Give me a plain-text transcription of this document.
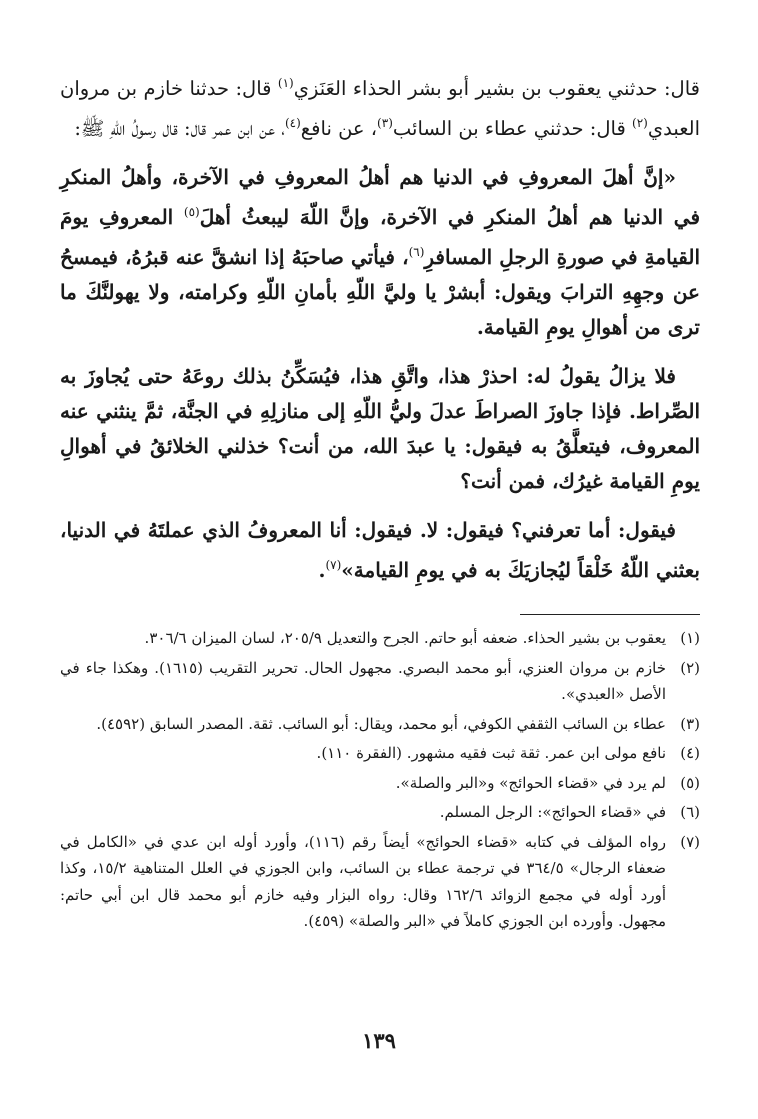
قال: حدثني يعقوب بن بشير أبو بشر الحذاء العَنَزي( $^١$ ) قال: حدثنا خازم بن مروان العبدي( $^٢$ ) قال: حدثني عطاء بن السائب( $^٣$ )، عن نافع( $^٤$ )، عن ابن عمر قال: قال رسولُ اللّهِ ﷺ:

«إنَّ أهلَ المعروفِ في الدنيا هم أهلُ المعروفِ في الآخرة، وأهلُ المنكرِ في الدنيا هم أهلُ المنكرِ في الآخرة، وإنَّ اللّهَ ليبعثُ أهلَ( $^٥$ ) المعروفِ يومَ القيامةِ في صورةِ الرجلِ المسافرِ( $^٦$ )، فيأتي صاحبَهُ إذا انشقَّ عنه قبرُهُ، فيمسحُ عن وجهِهِ الترابَ ويقول: أبشرْ يا وليَّ اللّهِ بأمانِ اللّهِ وكرامته، ولا يهولنَّكَ ما ترى من أهوالِ يومِ القيامة.

فلا يزالُ يقولُ له: احذرْ هذا، واتَّقِ هذا، فيُسَكِّنُ بذلك روعَهُ حتى يُجاوزَ به الصِّراط. فإذا جاوزَ الصراطَ عدلَ وليُّ اللّهِ إلى منازلِهِ في الجنَّة، ثمَّ ينثني عنه المعروف، فيتعلَّقُ به فيقول: يا عبدَ الله، من أنت؟ خذلني الخلائقُ في أهوالِ يومِ القيامة غيرُك، فمن أنت؟

فيقول: أما تعرفني؟ فيقول: لا. فيقول: أنا المعروفُ الذي عملتَهُ في الدنيا، بعثني اللّهُ خَلْقاً ليُجازيَكَ به في يومِ القيامة»( $^٧$ ).

( ١ )
يعقوب بن بشير الحذاء. ضعفه أبو حاتم. الجرح والتعديل ٢٠٥/٩، لسان الميزان ٣٠٦/٦.
( ٢ )
خازم بن مروان العنزي، أبو محمد البصري. مجهول الحال. تحرير التقريب (١٦١٥). وهكذا جاء في الأصل «العبدي».
( ٣ )
عطاء بن السائب الثقفي الكوفي، أبو محمد، ويقال: أبو السائب. ثقة. المصدر السابق (٤٥٩٢).
( ٤ )
نافع مولى ابن عمر. ثقة ثبت فقيه مشهور. (الفقرة ١١٠).
( ٥ )
لم يرد في «قضاء الحوائج» و«البر والصلة».
( ٦ )
في «قضاء الحوائج»: الرجل المسلم.
( ٧ )
رواه المؤلف في كتابه «قضاء الحوائج» أيضاً رقم (١١٦)، وأورد أوله ابن عدي في «الكامل في ضعفاء الرجال» ٣٦٤/٥ في ترجمة عطاء بن السائب، وابن الجوزي في العلل المتناهية ١٥/٢، وكذا أورد أوله في مجمع الزوائد ١٦٢/٦ وقال: رواه البزار وفيه خازم أبو محمد قال ابن أبي حاتم: مجهول. وأورده ابن الجوزي كاملاً في «البر والصلة» (٤٥٩).
١٣٩
